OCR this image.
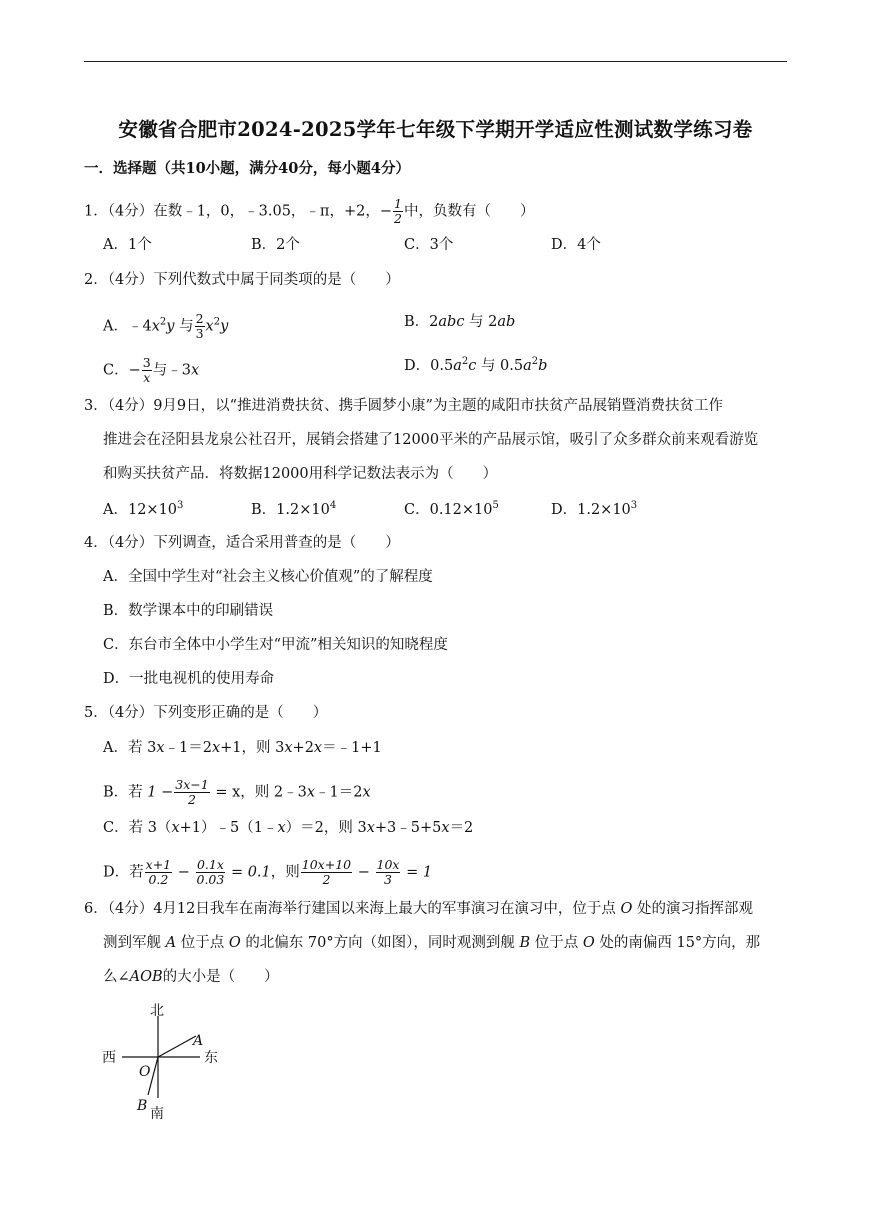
安徽省合肥市2024-2025学年七年级下学期开学适应性测试数学练习卷
一．选择题（共10小题，满分40分，每小题4分）
1．（4分）在数﹣1，0，﹣3.05，﹣π，+2，− $\frac{1}{2}$ 中，负数有（　　）
A．1个	B．2个	C．3个	D．4个
2．（4分）下列代数式中属于同类项的是（　　）
A．$﹣4x^2y$ 与 $\frac{2}{3} x^2y$	B．2abc 与 2ab
C．− $\frac{3}{x}$ 与﹣3x	D．$0.5a^2c$ 与 $0.5a^2b$
3．（4分）9月9日，以“推进消费扶贫、携手圆梦小康”为主题的咸阳市扶贫产品展销暨消费扶贫工作
推进会在泾阳县龙泉公社召开，展销会搭建了12000平米的产品展示馆，吸引了众多群众前来观看游览
和购买扶贫产品．将数据12000用科学记数法表示为（　　）
A．$12\times 10^3$	B．$1.2\times 10^4$	C．$0.12\times 10^5$	D．$1.2\times 10^3$
4．（4分）下列调查，适合采用普查的是（　　）
A．全国中学生对“社会主义核心价值观”的了解程度
B．数学课本中的印刷错误
C．东台市全体中小学生对“甲流”相关知识的知晓程度
D．一批电视机的使用寿命
5．（4分）下列变形正确的是（　　）
A．若 3x﹣1＝2x+1，则 3x+2x＝﹣1+1
B．若 $1 - \frac{3x-1}{2} = x$，则 2﹣3x﹣1＝2x
C．若 3（x+1）﹣5（1﹣x）＝2，则 3x+3﹣5+5x＝2
D．若 $\frac{x+1}{0.2} - \frac{0.1x}{0.03} = 0.1$，则 $\frac{10x+10}{2} - \frac{10x}{3} = 1$
6．（4分）4月12日我车在南海举行建国以来海上最大的军事演习在演习中，位于点 O 处的演习指挥部观
测到军舰 A 位于点 O 的北偏东 70°方向（如图），同时观测到舰 B 位于点 O 处的南偏西 15°方向，那
么∠AOB的大小是（　　）
北
南
东
西
O
A
B
